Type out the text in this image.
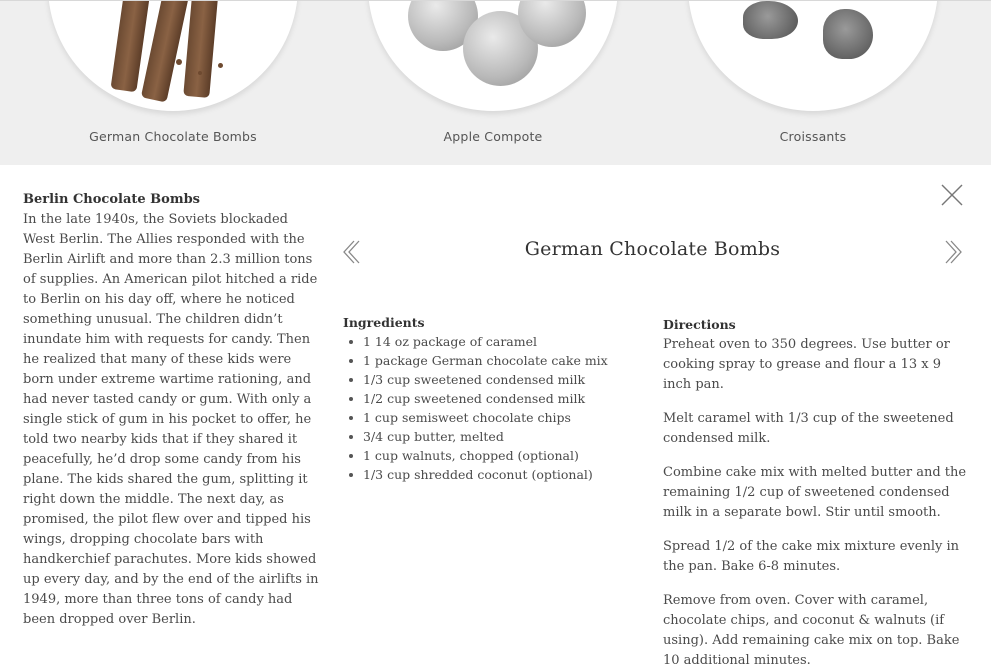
German Chocolate Bombs	Apple Compote	Croissants
Berlin Chocolate Bombs
In the late 1940s, the Soviets blockaded West Berlin. The Allies responded with the Berlin Airlift and more than 2.3 million tons of supplies. An American pilot hitched a ride to Berlin on his day off, where he noticed something unusual. The children didn’t inundate him with requests for candy. Then he realized that many of these kids were born under extreme wartime rationing, and had never tasted candy or gum. With only a single stick of gum in his pocket to offer, he told two nearby kids that if they shared it peacefully, he’d drop some candy from his plane. The kids shared the gum, splitting it right down the middle. The next day, as promised, the pilot flew over and tipped his wings, dropping chocolate bars with handkerchief parachutes. More kids showed up every day, and by the end of the airlifts in 1949, more than three tons of candy had been dropped over Berlin.
German Chocolate Bombs
Ingredients
1 14 oz package of caramel
1 package German chocolate cake mix
1/3 cup sweetened condensed milk
1/2 cup sweetened condensed milk
1 cup semisweet chocolate chips
3/4 cup butter, melted
1 cup walnuts, chopped (optional)
1/3 cup shredded coconut (optional)
Directions

Preheat oven to 350 degrees. Use butter or cooking spray to grease and flour a 13 x 9 inch pan.

Melt caramel with 1/3 cup of the sweetened condensed milk.

Combine cake mix with melted butter and the remaining 1/2 cup of sweetened condensed milk in a separate bowl. Stir until smooth.

Spread 1/2 of the cake mix mixture evenly in the pan. Bake 6-8 minutes.

Remove from oven. Cover with caramel, chocolate chips, and coconut & walnuts (if using). Add remaining cake mix on top. Bake 10 additional minutes.
